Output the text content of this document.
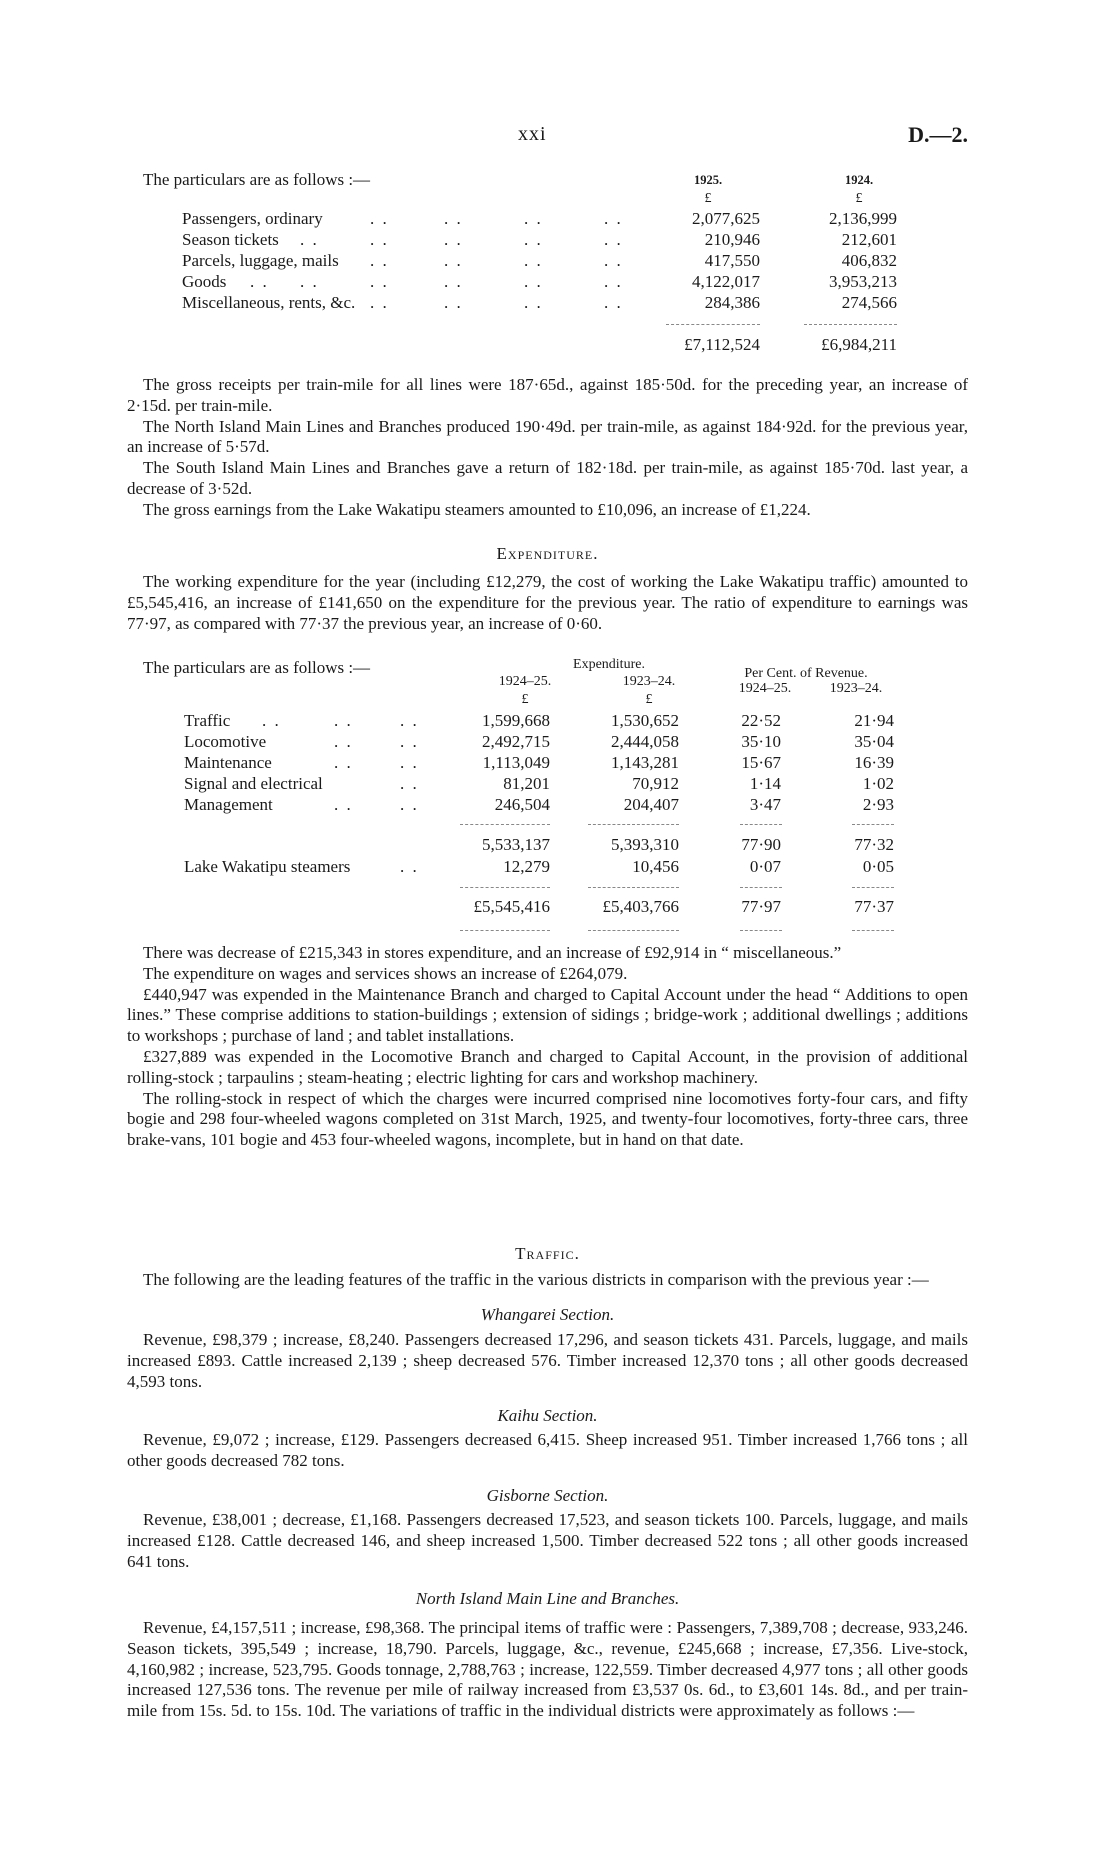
xxi	D.—2.
The particulars are as follows :—	1925.	1924.
£	£
Passengers, ordinary	. .	. .	. .	. .	2,077,625	2,136,999
Season tickets . .	. .	. .	. .	. .	210,946	212,601
Parcels, luggage, mails . .	. .	. .	. .	417,550	406,832
Goods . . . .	. .	. .	. .	. .	4,122,017	3,953,213
Miscellaneous, rents, &c. . .	. .	. .	. .	284,386	274,566
£7,112,524	£6,984,211

The gross receipts per train-mile for all lines were 187·65d., against 185·50d. for the preceding year, an increase of 2·15d. per train-mile.

The North Island Main Lines and Branches produced 190·49d. per train-mile, as against 184·92d. for the previous year, an increase of 5·57d.

The South Island Main Lines and Branches gave a return of 182·18d. per train-mile, as against 185·70d. last year, a decrease of 3·52d.

The gross earnings from the Lake Wakatipu steamers amounted to £10,096, an increase of £1,224.

Expenditure.

The working expenditure for the year (including £12,279, the cost of working the Lake Wakatipu traffic) amounted to £5,545,416, an increase of £141,650 on the expenditure for the previous year. The ratio of expenditure to earnings was 77·97, as compared with 77·37 the previous year, an increase of 0·60.

The particulars are as follows :—	Expenditure.
Per Cent. of Revenue.
1924–25.	1923–24.	1924–25.	1923–24.
£	£
Traffic . .	. .	. .	1,599,668	1,530,652	22·52	21·94
Locomotive	. .	. .	2,492,715	2,444,058	35·10	35·04
Maintenance	. .	. .	1,113,049	1,143,281	15·67	16·39
Signal and electrical	. .	81,201	70,912	1·14	1·02
Management	. .	. .	246,504	204,407	3·47	2·93
5,533,137	5,393,310	77·90	77·32
Lake Wakatipu steamers	. .	12,279	10,456	0·07	0·05
£5,545,416	£5,403,766	77·97	77·37

There was decrease of £215,343 in stores expenditure, and an increase of £92,914 in “ miscellaneous.”

The expenditure on wages and services shows an increase of £264,079.

£440,947 was expended in the Maintenance Branch and charged to Capital Account under the head “ Additions to open lines.” These comprise additions to station-buildings ; extension of sidings ; bridge-work ; additional dwellings ; additions to workshops ; purchase of land ; and tablet installations.

£327,889 was expended in the Locomotive Branch and charged to Capital Account, in the provision of additional rolling-stock ; tarpaulins ; steam-heating ; electric lighting for cars and workshop machinery.

The rolling-stock in respect of which the charges were incurred comprised nine locomotives forty-four cars, and fifty bogie and 298 four-wheeled wagons completed on 31st March, 1925, and twenty-four locomotives, forty-three cars, three brake-vans, 101 bogie and 453 four-wheeled wagons, incomplete, but in hand on that date.

Traffic.

The following are the leading features of the traffic in the various districts in comparison with the previous year :—

Whangarei Section.

Revenue, £98,379 ; increase, £8,240. Passengers decreased 17,296, and season tickets 431. Parcels, luggage, and mails increased £893. Cattle increased 2,139 ; sheep decreased 576. Timber increased 12,370 tons ; all other goods decreased 4,593 tons.

Kaihu Section.

Revenue, £9,072 ; increase, £129. Passengers decreased 6,415. Sheep increased 951. Timber increased 1,766 tons ; all other goods decreased 782 tons.

Gisborne Section.

Revenue, £38,001 ; decrease, £1,168. Passengers decreased 17,523, and season tickets 100. Parcels, luggage, and mails increased £128. Cattle decreased 146, and sheep increased 1,500. Timber decreased 522 tons ; all other goods increased 641 tons.

North Island Main Line and Branches.

Revenue, £4,157,511 ; increase, £98,368. The principal items of traffic were : Passengers, 7,389,708 ; decrease, 933,246. Season tickets, 395,549 ; increase, 18,790. Parcels, luggage, &c., revenue, £245,668 ; increase, £7,356. Live-stock, 4,160,982 ; increase, 523,795. Goods tonnage, 2,788,763 ; increase, 122,559. Timber decreased 4,977 tons ; all other goods increased 127,536 tons. The revenue per mile of railway increased from £3,537 0s. 6d., to £3,601 14s. 8d., and per train-mile from 15s. 5d. to 15s. 10d. The variations of traffic in the individual districts were approximately as follows :—
